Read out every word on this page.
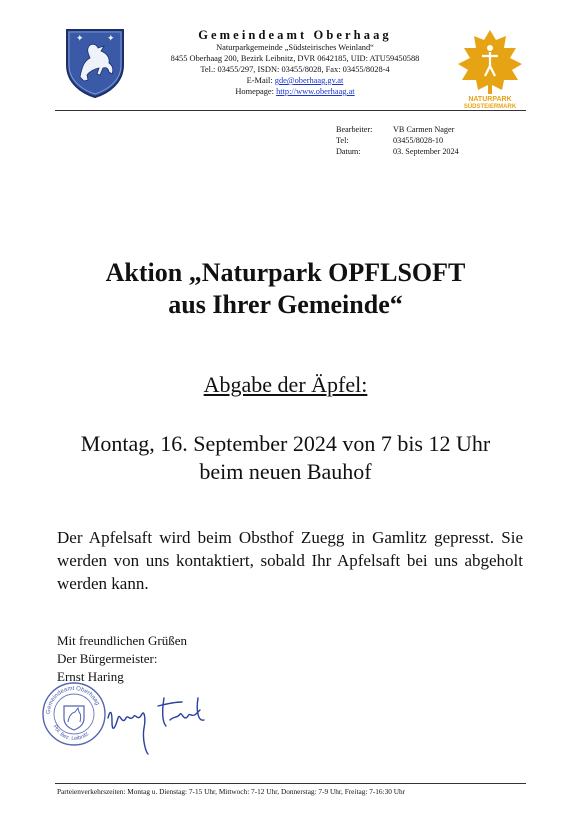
✦	✦	Gemeindeamt Oberhaag
Naturparkgemeinde „Südsteirisches Weinland“
8455 Oberhaag 200, Bezirk Leibnitz, DVR 0642185, UID: ATU59450588
Tel.: 03455/297, ISDN: 03455/8028, Fax: 03455/8028-4
E-Mail: gde@oberhaag.gv.at
Homepage: http://www.oberhaag.at
NATURPARK
SÜDSTEIERMARK
Bearbeiter:	VB Carmen Nager
Tel:	03455/8028-10
Datum:	03. September 2024
Aktion „Naturpark OPFLSOFT
aus Ihrer Gemeinde“
Abgabe der Äpfel:
Montag, 16. September 2024 von 7 bis 12 Uhr
beim neuen Bauhof
Der Apfelsaft wird beim Obsthof Zuegg in Gamlitz gepresst. Sie werden von uns kontaktiert, sobald Ihr Apfelsaft bei uns abgeholt werden kann.
Mit freundlichen Grüßen
Der Bürgermeister:
Ernst Haring
Gemeindeamt Oberhaag
Pol. Bez. Leibnitz
Parteienverkehrszeiten: Montag u. Dienstag: 7-15 Uhr, Mittwoch: 7-12 Uhr, Donnerstag: 7-9 Uhr, Freitag: 7-16:30 Uhr
